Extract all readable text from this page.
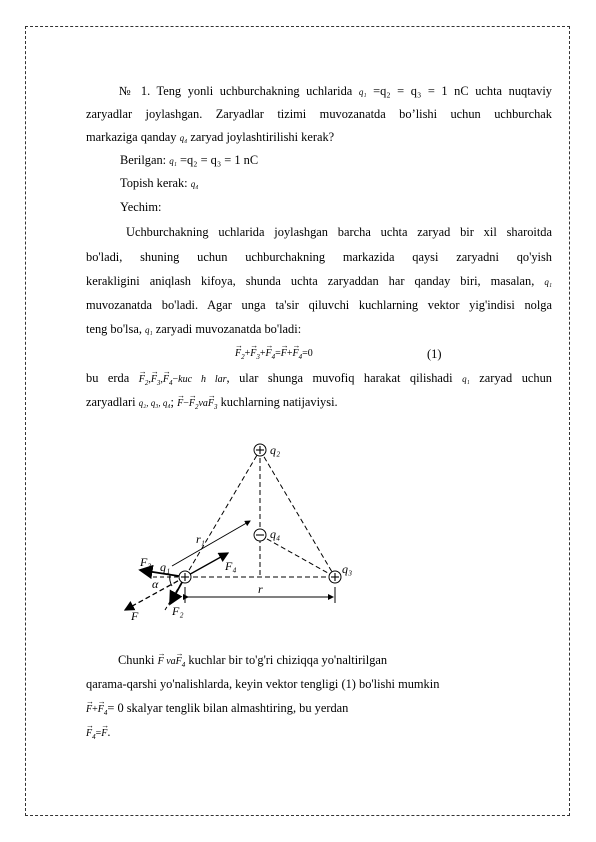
№ 1. Teng yonli uchburchakning uchlarida q₁ =q₂ = q₃ = 1 nC uchta nuqtaviy
zaryadlar joylashgan. Zaryadlar tizimi muvozanatda bo’lishi uchun uchburchak
markaziga qanday q₄ zaryad joylashtirilishi kerak?
Berilgan: q₁ =q₂ = q₃ = 1 nC
Topish kerak: q₄
Yechim:
Uchburchakning uchlarida joylashgan barcha uchta zaryad bir xil sharoitda
bo'ladi, shuning uchun uchburchakning markazida qaysi zaryadni qo'yish
kerakligini aniqlash kifoya, shunda uchta zaryaddan har qanday biri, masalan, q₁
muvozanatda bo'ladi. Agar unga ta'sir qiluvchi kuchlarning vektor yig'indisi nolga
teng bo'lsa, q₁ zaryadi muvozanatda bo'ladi:
→ $F_2+\to F_3+\to F_4=\to F+\to F_4=0$	(1)
bu erda → $F_2,\to F_3,\to F_4-kuc$ h lar, ular shunga muvofiq harakat qilishadi q₁ zaryad uchun
zaryadlari q₂, q₃, q₄; → $F-\to F_2va\to F_3$ kuchlarning natijaviysi.
q₂
q₄
q₁	q₃
r₁
r
α
F₄
F₃
F₂
F
Chunki → F $va\to F_4$ kuchlar bir to'g'ri chiziqqa yo'naltirilgan
qarama-qarshi yo'nalishlarda, keyin vektor tengligi (1) bo'lishi mumkin
→ $F+\to F_4= 0$ skalyar tenglik bilan almashtiring, bu yerdan
→ $F_4=\to F$.
